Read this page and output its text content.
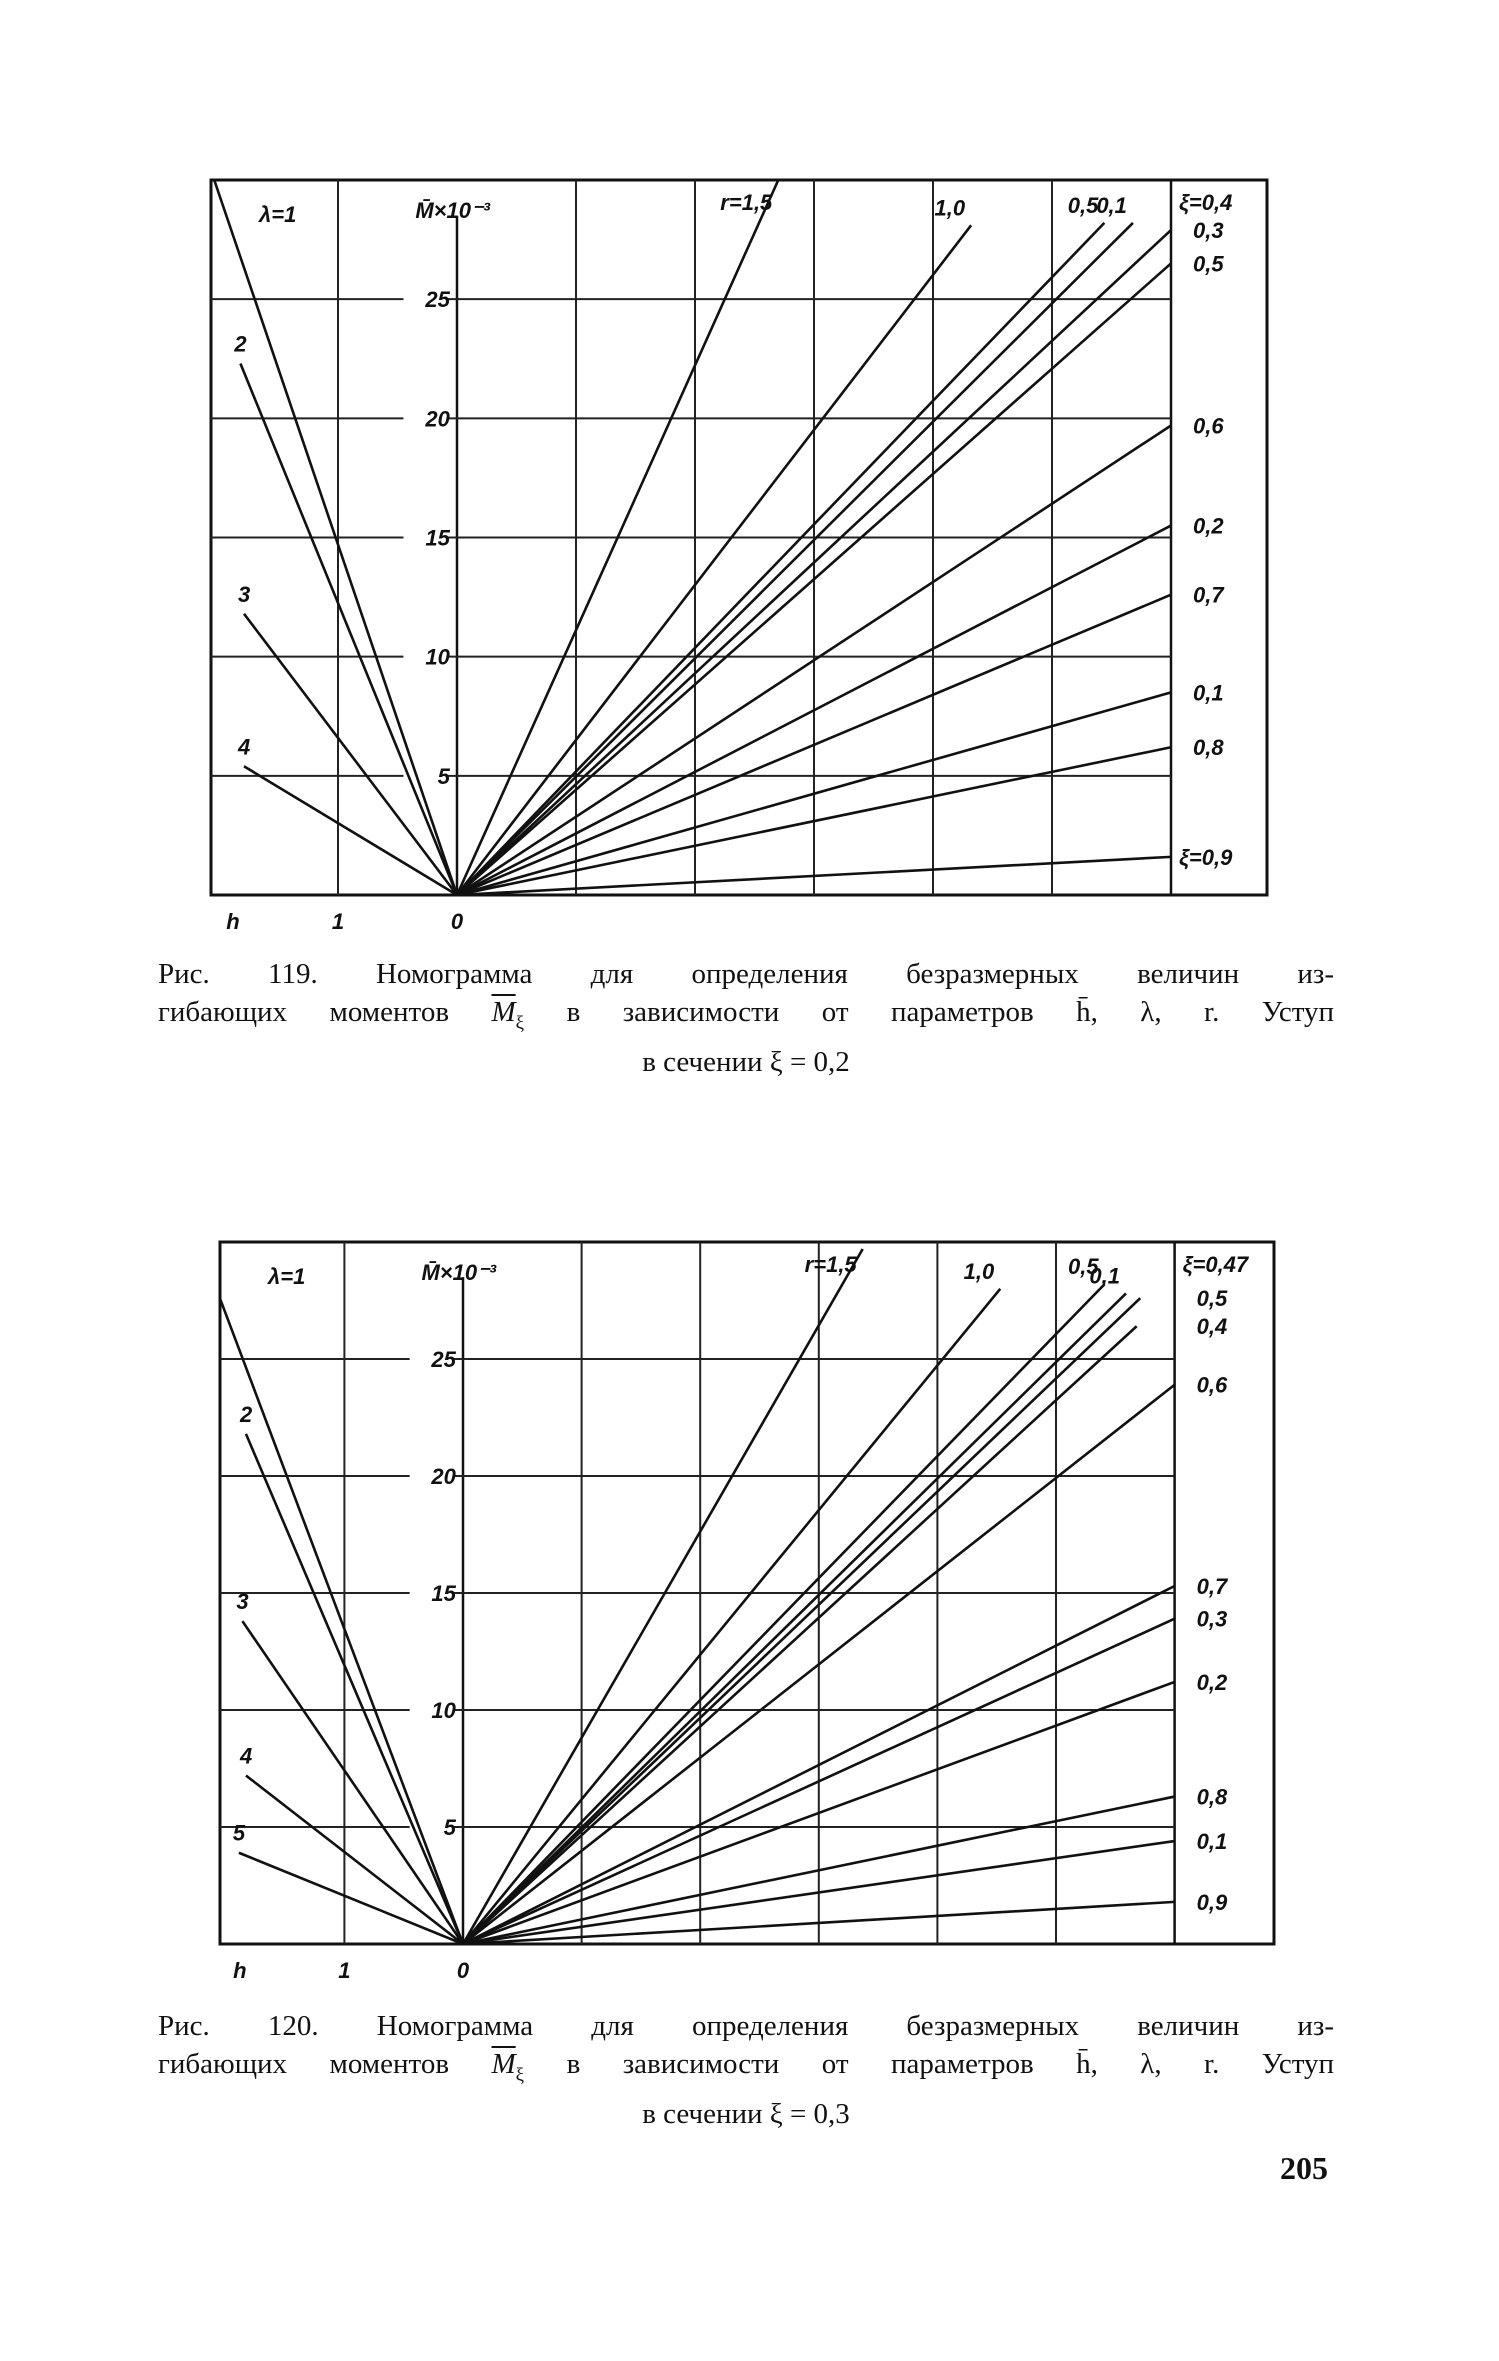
5
10
15
20
25
M̄×10⁻³
h	1	0
λ=1
2
3
4
r=1,5	1,0	0,5
0,1 ξ=0,4
0,3
0,5
0,6
0,2
0,7
0,1
0,8
ξ=0,9
5
10
15
20
25
M̄×10⁻³
h	1	0
λ=1
2
3
4
5
r=1,5	1,0	0,5
0,1	ξ=0,47
0,5
0,4
0,6
0,7
0,3
0,2
0,8
0,1
0,9
Рис. 119. Номограмма для определения безразмерных величин из-
гибающих моментов $\overline{M}_\xi$ в зависимости от параметров h̄, λ, r. Уступ
в сечении ξ = 0,2
Рис. 120. Номограмма для определения безразмерных величин из-
гибающих моментов $\overline{M}_\xi$ в зависимости от параметров h̄, λ, r. Уступ
в сечении ξ = 0,3
205
